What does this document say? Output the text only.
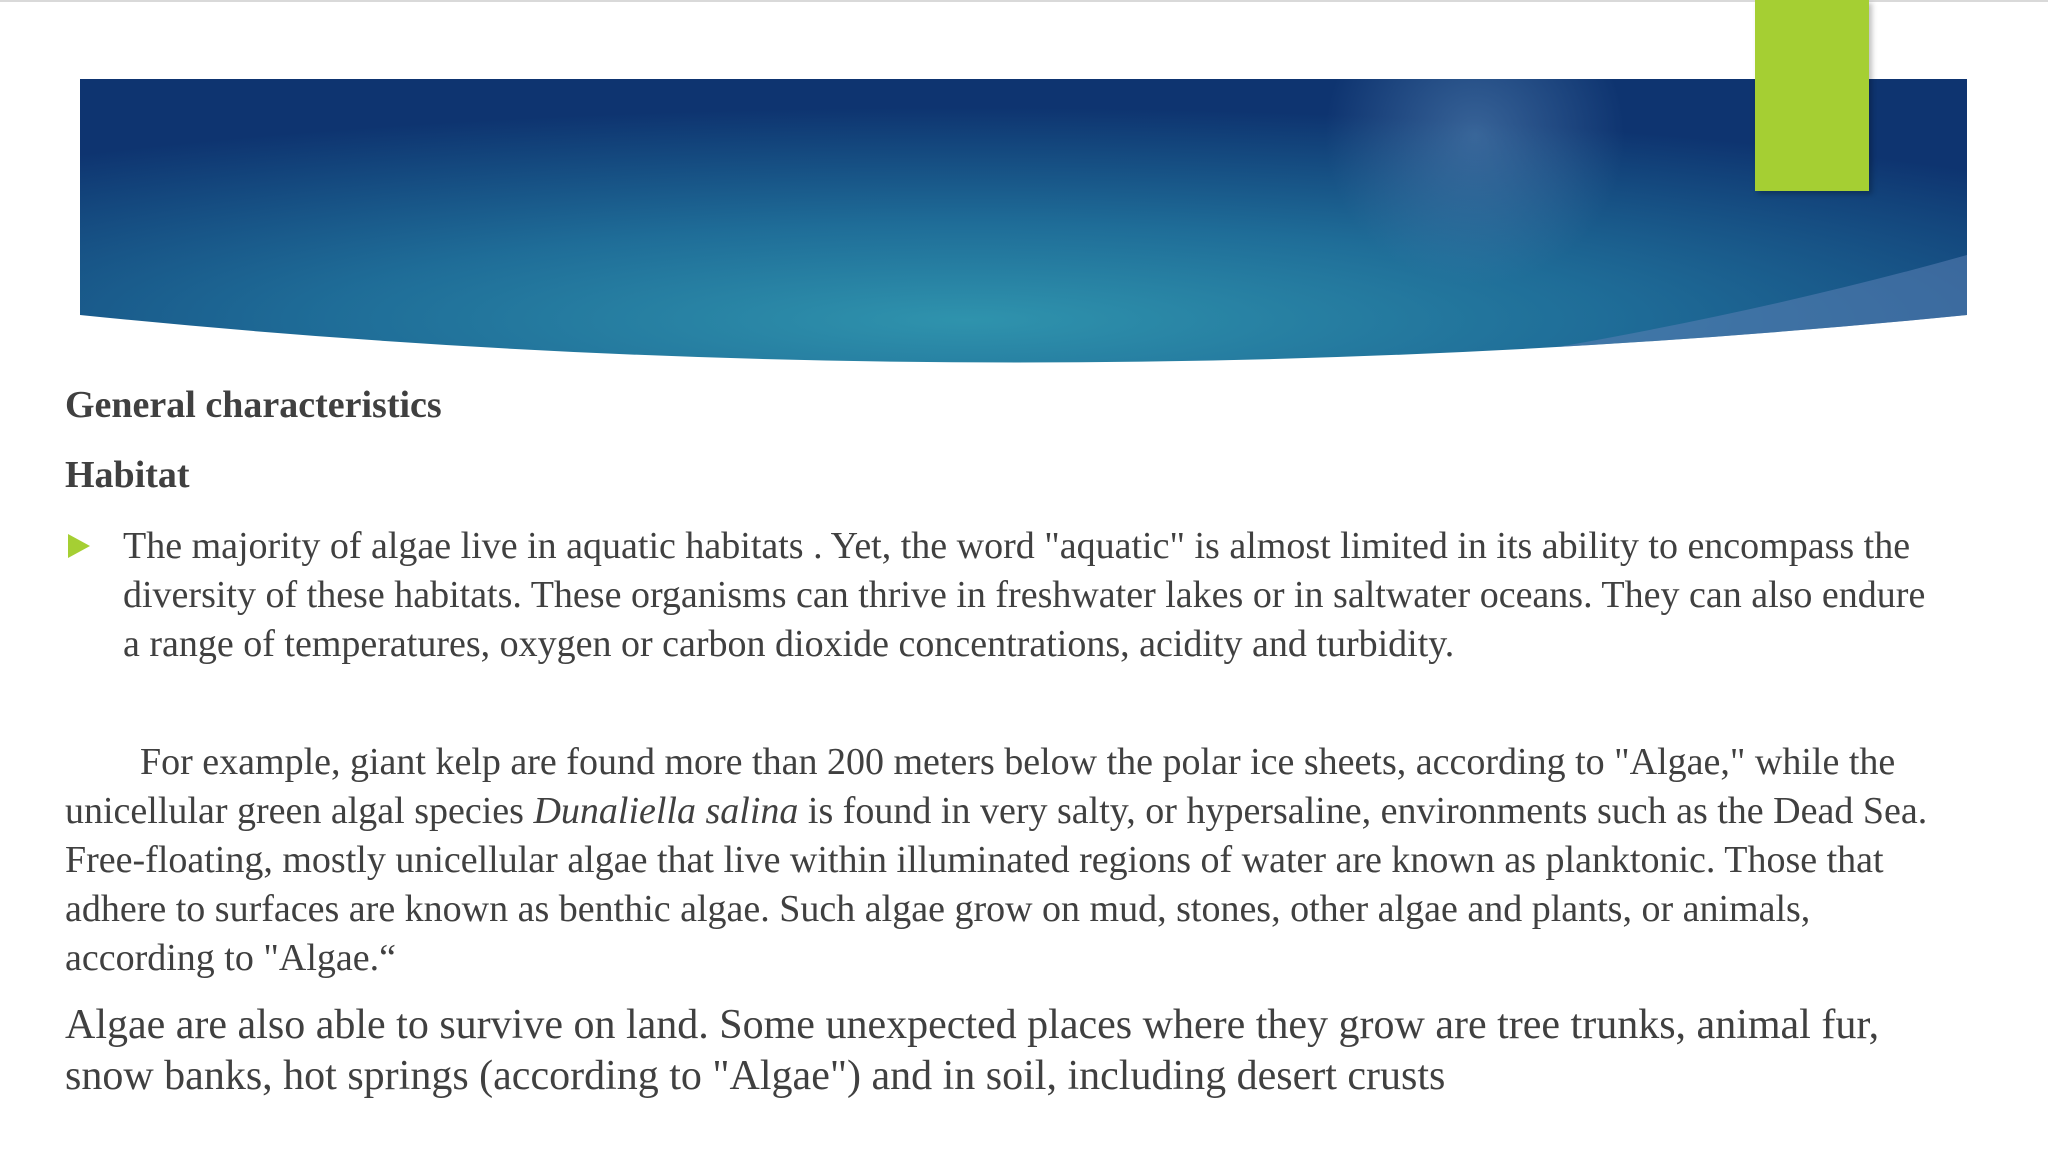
General characteristics
Habitat
The majority of algae live in aquatic habitats . Yet, the word "aquatic" is almost limited in its ability to encompass the diversity of these habitats. These organisms can thrive in freshwater lakes or in saltwater oceans. They can also endure a range of temperatures, oxygen or carbon dioxide concentrations, acidity and turbidity.
For example, giant kelp are found more than 200 meters below the polar ice sheets, according to "Algae," while the unicellular green algal species Dunaliella salina is found in very salty, or hypersaline, environments such as the Dead Sea. Free-floating, mostly unicellular algae that live within illuminated regions of water are known as planktonic. Those that adhere to surfaces are known as benthic algae. Such algae grow on mud, stones, other algae and plants, or animals, according to "Algae.“
Algae are also able to survive on land. Some unexpected places where they grow are tree trunks, animal fur, snow banks, hot springs (according to "Algae") and in soil, including desert crusts
